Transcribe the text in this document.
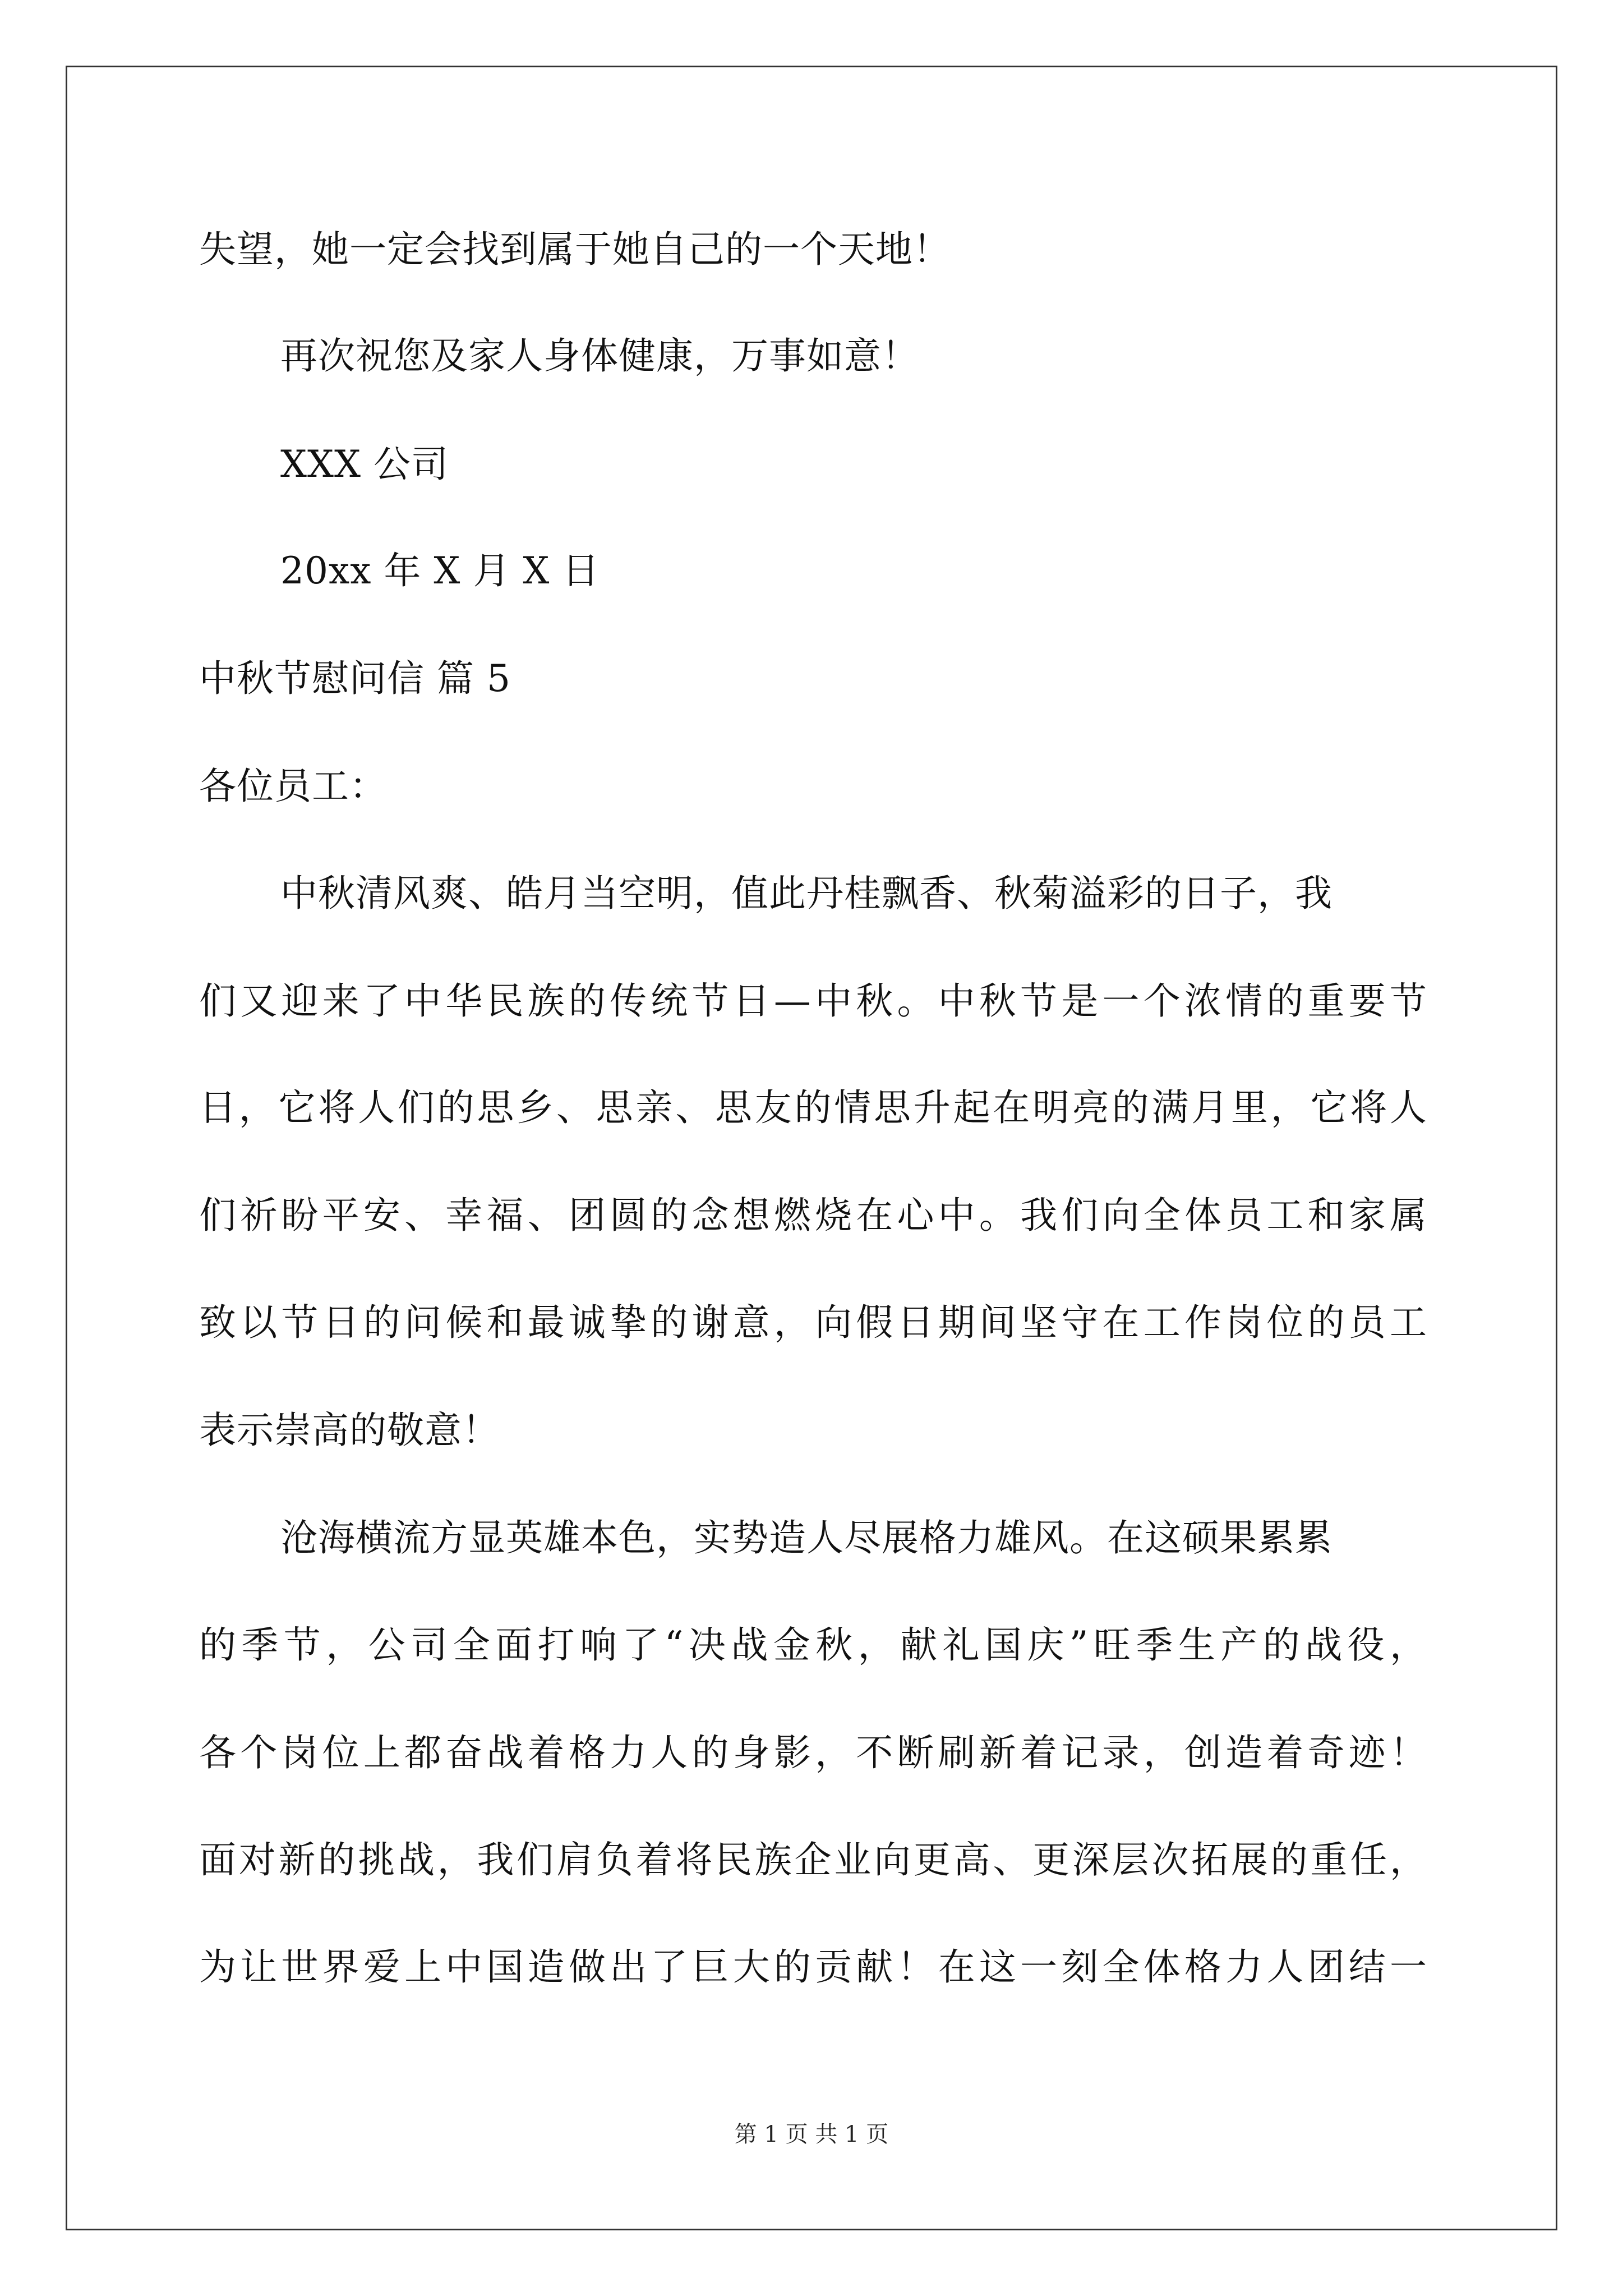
失望，她一定会找到属于她自己的一个天地！
再次祝您及家人身体健康，万事如意！
XXX 公司
20xx 年 X 月 X 日
中秋节慰问信 篇 5
各位员工：
中秋清风爽、皓月当空明，值此丹桂飘香、秋菊溢彩的日子，我
们又迎来了中华民族的传统节日—中秋。中秋节是一个浓情的重要节
日，它将人们的思乡、思亲、思友的情思升起在明亮的满月里，它将人
们祈盼平安、幸福、团圆的念想燃烧在心中。我们向全体员工和家属
致以节日的问候和最诚挚的谢意，向假日期间坚守在工作岗位的员工
表示崇高的敬意！
沧海横流方显英雄本色，实势造人尽展格力雄风。在这硕果累累
的季节，公司全面打响了“决战金秋，献礼国庆”旺季生产的战役，
各个岗位上都奋战着格力人的身影，不断刷新着记录，创造着奇迹！
面对新的挑战，我们肩负着将民族企业向更高、更深层次拓展的重任，
为让世界爱上中国造做出了巨大的贡献！在这一刻全体格力人团结一
第 1 页 共 1 页
